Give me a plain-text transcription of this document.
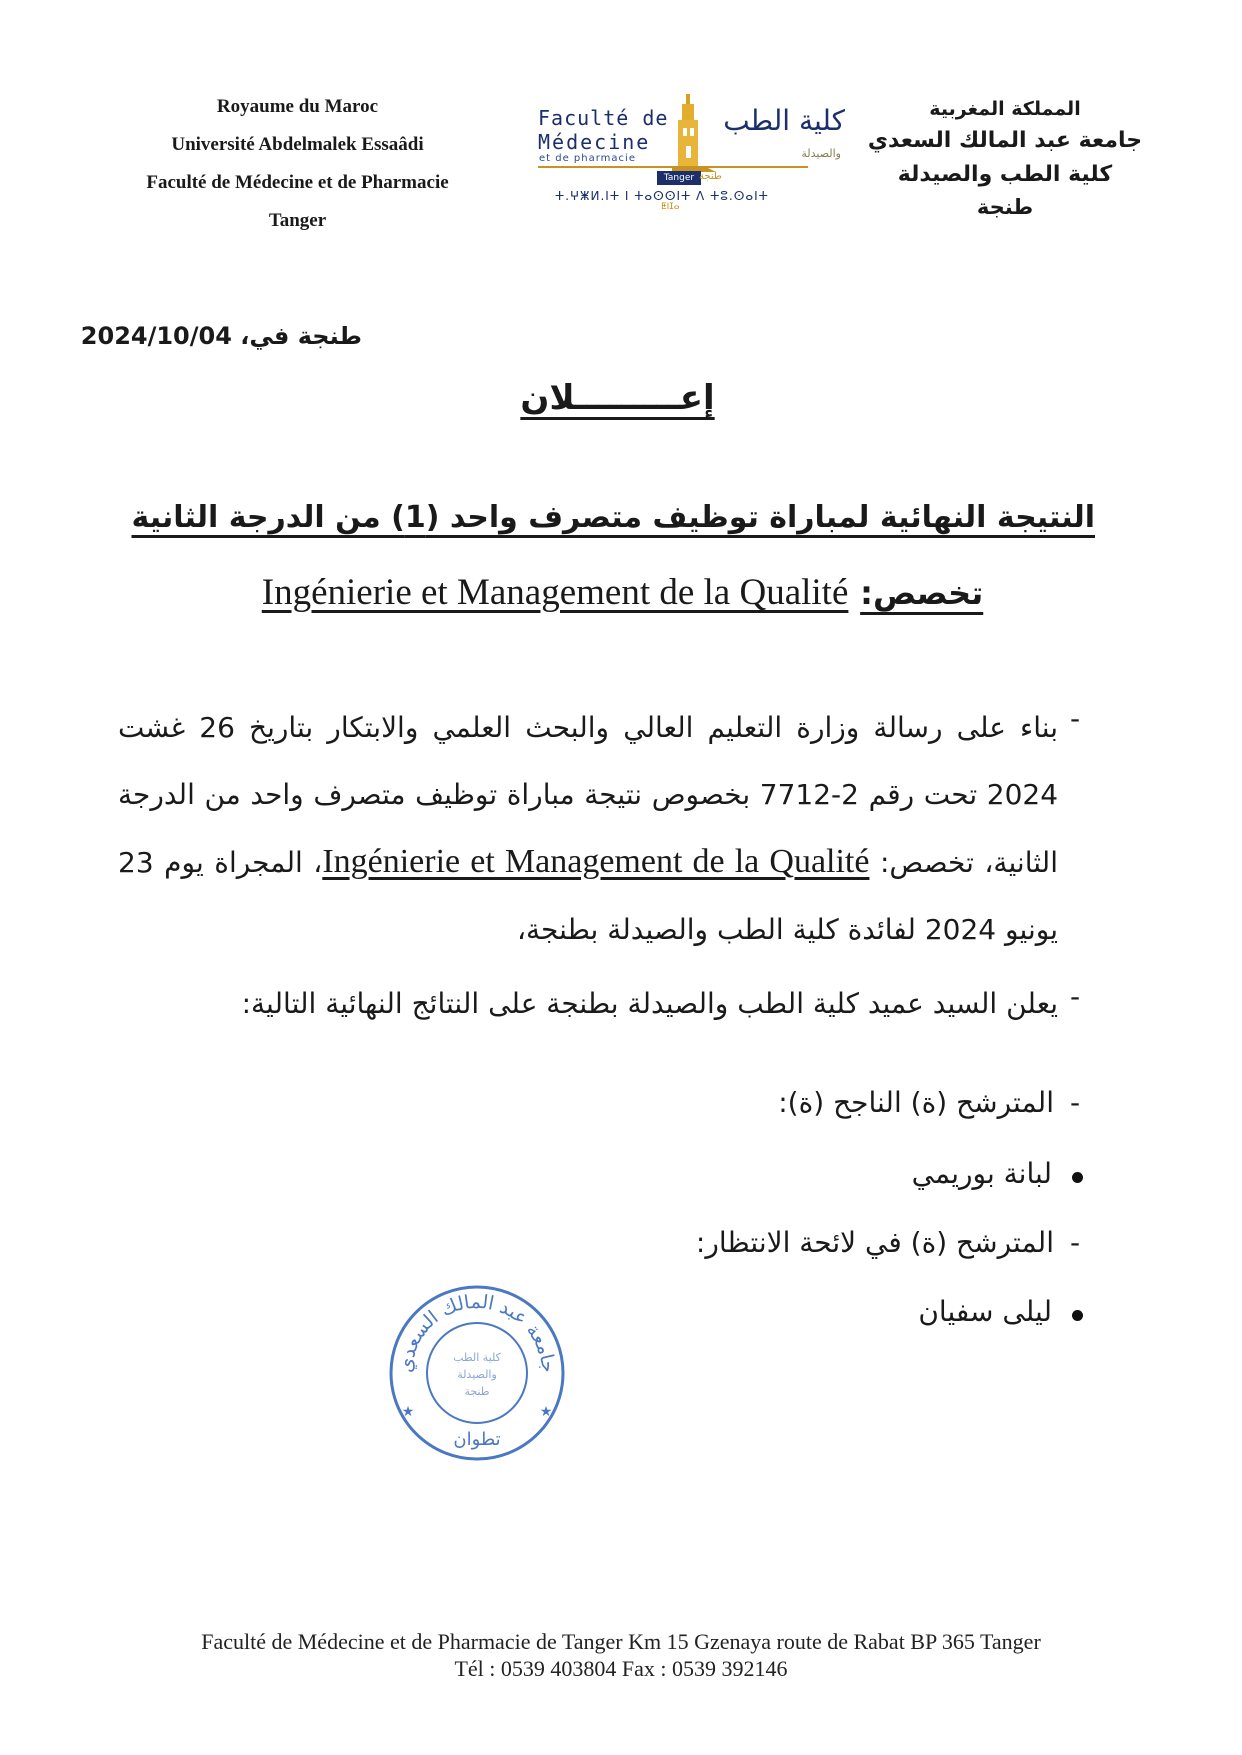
Royaume du Maroc
Université Abdelmalek Essaâdi
Faculté de Médecine et de Pharmacie
Tanger
Faculté de
Médecine
et de pharmacie
كلية الطب
والصيدلة
Tanger طنجة
ⵜ.ⵖⵥⵍ.ⵏⵜ ⵏ ⵜⴰⵙⵙⵏⵜ ⴷ ⵜⵓ.ⵙⴰⵏⵜ
ⵟⵏⵊⴰ
المملكة المغربية
جامعة عبد المالك السعدي
كلية الطب والصيدلة
طنجة
طنجة في، 2024/10/04
إعـــــــــلان
النتيجة النهائية لمباراة توظيف متصرف واحد (1) من الدرجة الثانية
تخصص: Ingénierie et Management de la Qualité
-
بناء على رسالة وزارة التعليم العالي والبحث العلمي والابتكار بتاريخ 26 غشت 2024 تحت رقم 2-7712 بخصوص نتيجة مباراة توظيف متصرف واحد من الدرجة الثانية، تخصص: Ingénierie et Management de la Qualité، المجراة يوم 23 يونيو 2024 لفائدة كلية الطب والصيدلة بطنجة،
-
يعلن السيد عميد كلية الطب والصيدلة بطنجة على النتائج النهائية التالية:
-
المترشح (ة) الناجح (ة):
لبانة بوريمي
-
المترشح (ة) في لائحة الانتظار:
ليلى سفيان
جامعة عبد المالك السعدي
تطوان
كلية الطب
والصيدلة
طنجة
★	★
Faculté de Médecine et de Pharmacie de Tanger Km 15 Gzenaya route de Rabat BP 365 Tanger
Tél : 0539 403804 Fax : 0539 392146
